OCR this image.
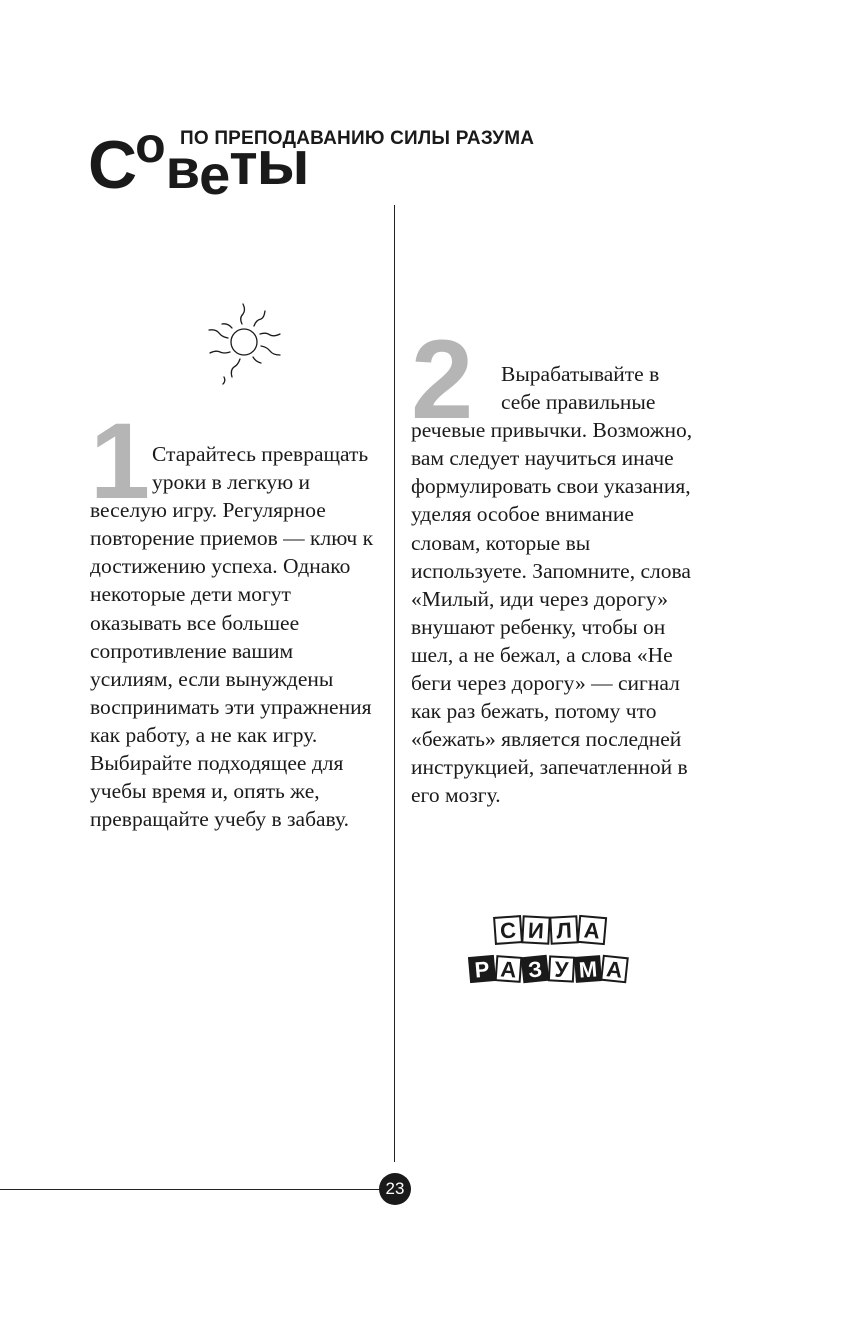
Советы
ПО ПРЕПОДАВАНИЮ СИЛЫ РАЗУМА
1 Старайтесь превращать уроки в легкую и веселую игру. Регулярное повторение приемов — ключ к достижению успеха. Однако некоторые дети могут оказывать все большее сопротивление вашим усилиям, если вынуждены воспринимать эти упражнения как работу, а не как игру. Выбирайте подходящее для учебы время и, опять же, превращайте учебу в забаву.

2	Вырабатывайте в себе правильные речевые привычки. Возможно, вам следует научиться иначе формулировать свои указания, уделяя особое внимание словам, которые вы используете. Запомните, слова «Милый, иди через дорогу» внушают ребенку, чтобы он шел, а не бежал, а слова «Не беги через дорогу» — сигнал как раз бежать, потому что «бежать» является последней инструкцией, запечатленной в его мозгу.

С И Л А
Р А З У М А
23
